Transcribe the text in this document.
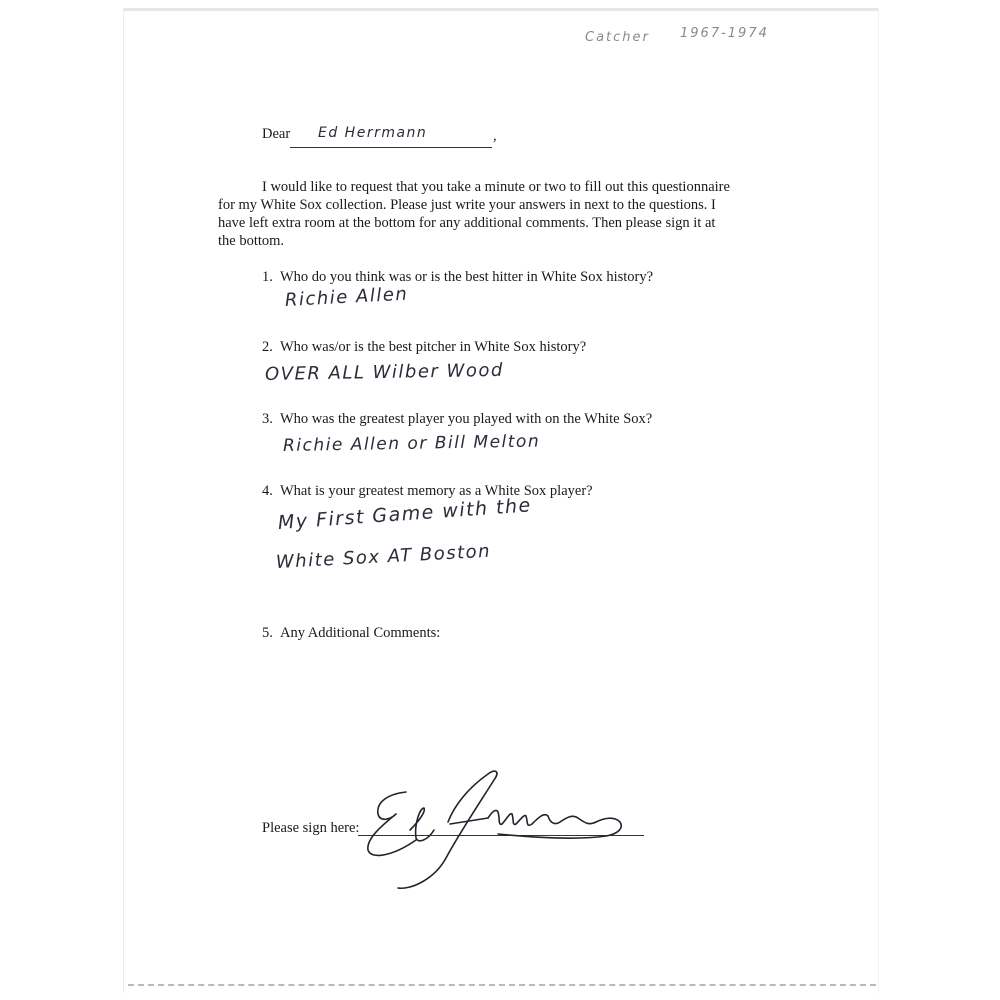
Catcher 1967-1974
Dear Ed Herrmann	,
I would like to request that you take a minute or two to fill out this questionnaire
for my White Sox collection. Please just write your answers in next to the questions. I
have left extra room at the bottom for any additional comments. Then please sign it at
the bottom.
1. Who do you think was or is the best hitter in White Sox history?
Richie Allen
2. Who was/or is the best pitcher in White Sox history?
OVER ALL Wilber Wood
3. Who was the greatest player you played with on the White Sox?
Richie Allen or Bill Melton
4. What is your greatest memory as a White Sox player?
My First Game with the
White Sox AT Boston
5. Any Additional Comments:
Please sign here:
